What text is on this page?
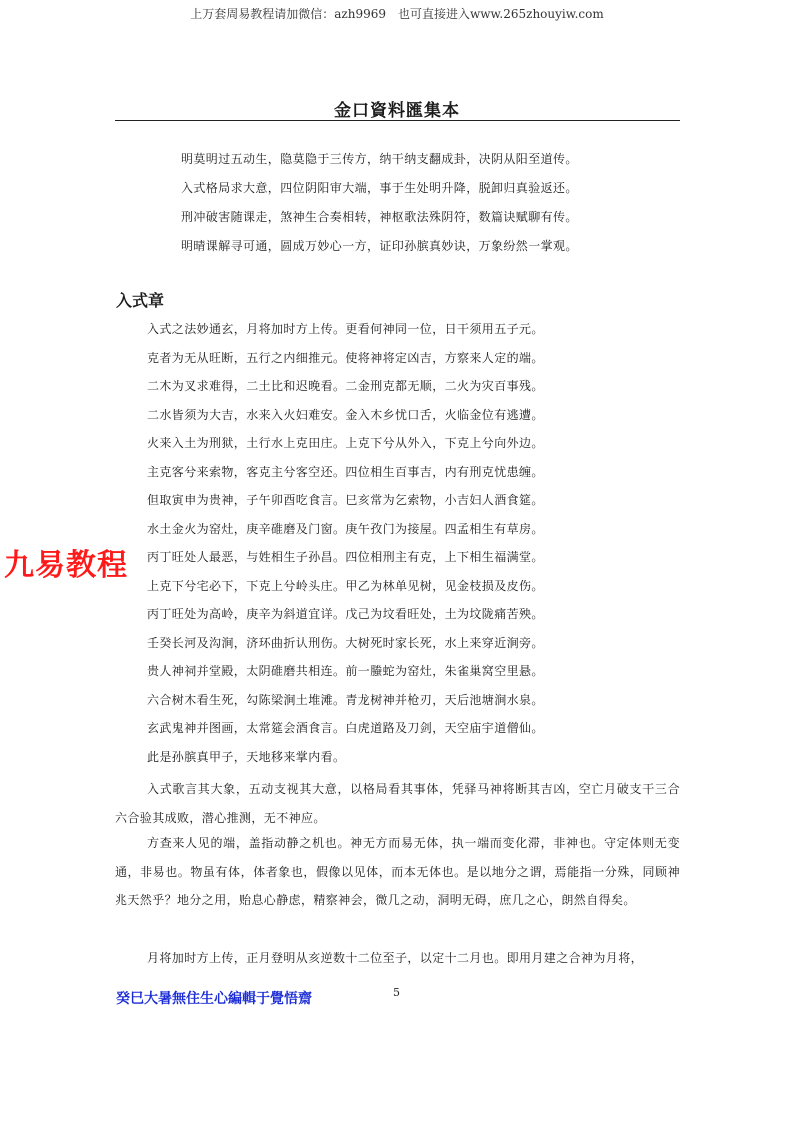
上万套周易教程请加微信：azh9969　也可直接进入www.265zhouyiw.com
金口資料匯集本
明莫明过五动生，隐莫隐于三传方，纳干纳支翻成卦，决阴从阳至道传。
入式格局求大意，四位阴阳审大端，事于生处明升降，脱卸归真验返还。
刑冲破害随课走，煞神生合奏相转，神枢歌法殊阴符，数篇诀赋聊有传。
明晴课解寻可通，圆成万妙心一方，证印孙膑真妙诀，万象纷然一掌观。
入式章
入式之法妙通玄，月将加时方上传。更看何神同一位，日干须用五子元。
克者为无从旺断，五行之内细推元。使将神将定凶吉，方察来人定的端。
二木为叉求难得，二土比和迟晚看。二金刑克都无顺，二火为灾百事残。
二水皆须为大吉，水来入火妇难安。金入木乡忧口舌，火临金位有逃遭。
火来入土为刑狱，土行水上克田庄。上克下兮从外入，下克上兮向外边。
主克客兮来索物，客克主兮客空还。四位相生百事吉，内有刑克忧患缠。
但取寅申为贵神，子午卯酉吃食言。巳亥常为乞索物，小吉妇人酒食筵。
水土金火为窑灶，庚辛碓磨及门窗。庚午孜门为接屋。四孟相生有草房。
丙丁旺处人最恶，与姓相生子孙昌。四位相刑主有克，上下相生福满堂。
上克下兮宅必下，下克上兮岭头庄。甲乙为林单见树，见金枝损及皮伤。
丙丁旺处为高岭，庚辛为斜道宜详。戊己为坟看旺处，土为坟陇痛苦殃。
壬癸长河及沟涧，济环曲折认刑伤。大树死时家长死，水上来穿近涧旁。
贵人神祠并堂殿，太阴碓磨共相连。前一螣蛇为窑灶，朱雀巢窝空里悬。
六合树木看生死，勾陈梁涧土堆滩。青龙树神并枪刃，天后池塘涧水泉。
玄武鬼神并图画，太常筵会酒食言。白虎道路及刀剑，天空庙宇道僧仙。
此是孙膑真甲子，天地移来掌内看。

入式歌言其大象，五动支视其大意，以格局看其事体，凭驿马神将断其吉凶，空亡月破支干三合六合验其成败，潜心推测，无不神应。

方查来人见的端，盖指动静之机也。神无方而易无体，执一端而变化滞，非神也。守定体则无变通，非易也。物虽有体，体者象也，假像以见体，而本无体也。是以地分之谓，焉能指一分殊，同顾神兆天然乎？地分之用，贻息心静虑，精察神会，微几之动，洞明无碍，庶几之心，朗然自得矣。

月将加时方上传，正月登明从亥逆数十二位至子，以定十二月也。即用月建之合神为月将，

九易教程
癸巳大暑無住生心編輯于覺悟齋	5
